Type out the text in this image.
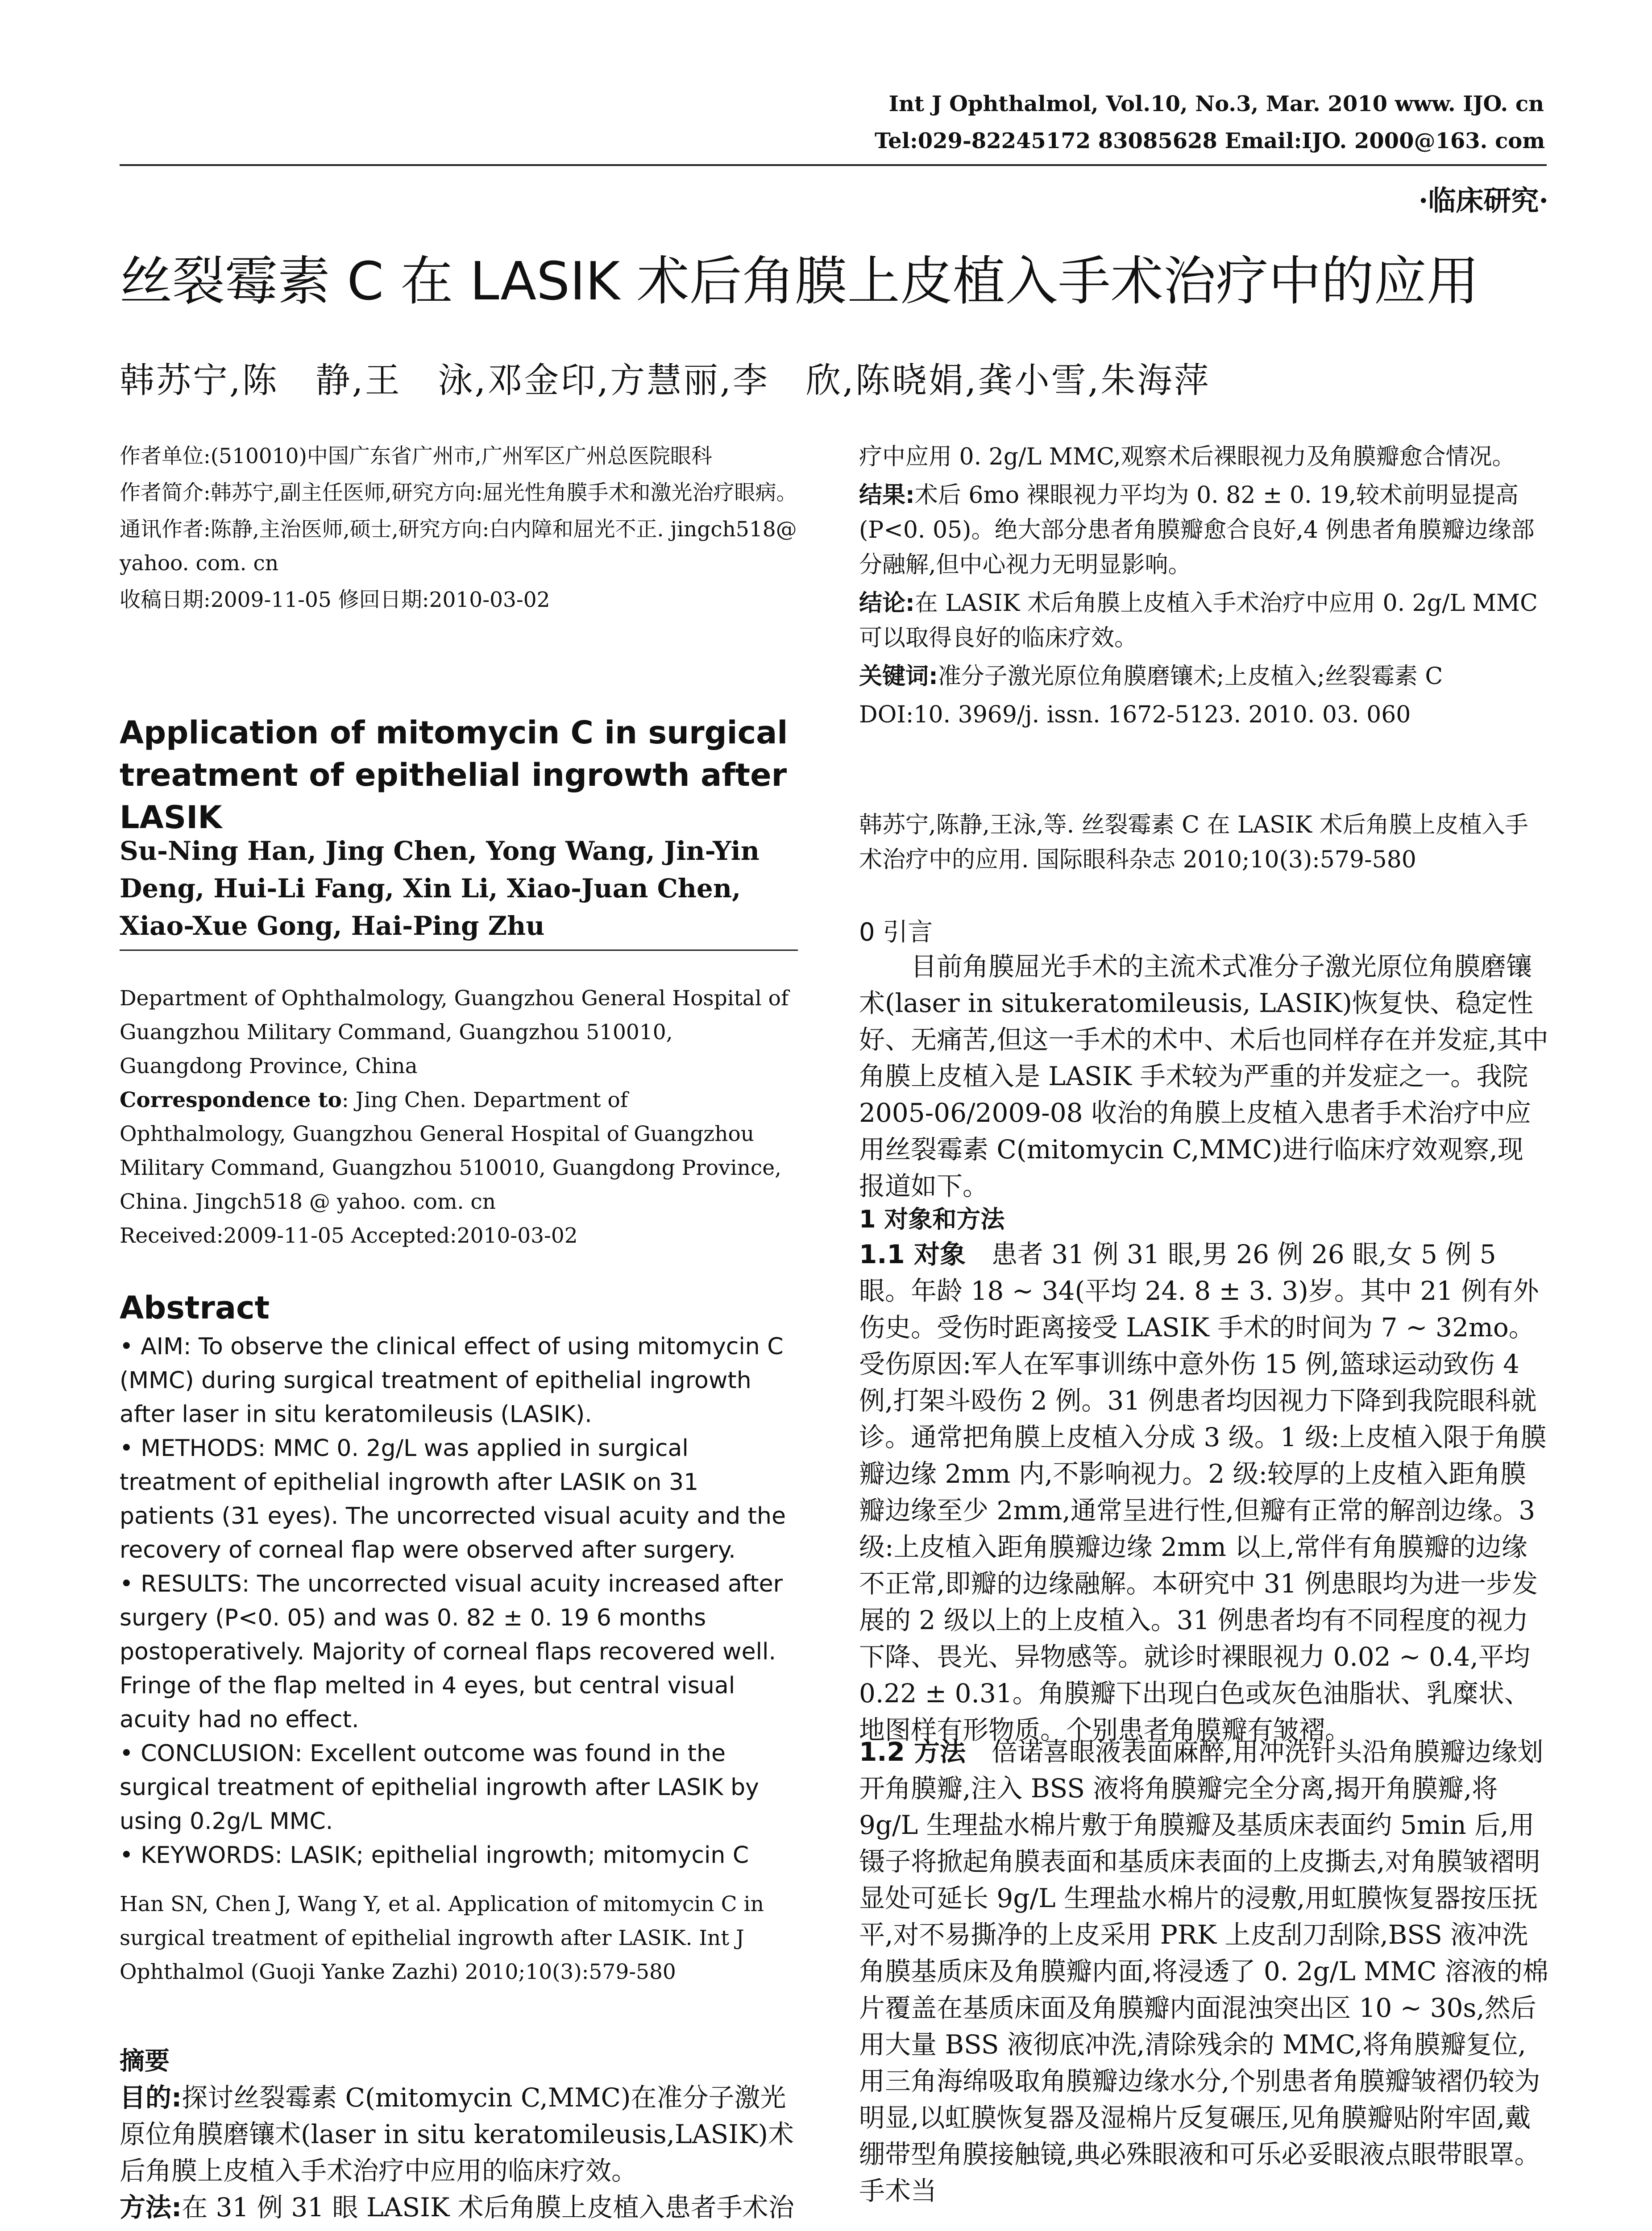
Int J Ophthalmol, Vol.10, No.3, Mar. 2010 www. IJO. cn
Tel:029-82245172 83085628 Email:IJO. 2000@163. com
·临床研究·
丝裂霉素 C 在 LASIK 术后角膜上皮植入手术治疗中的应用
韩苏宁,陈　静,王　泳,邓金印,方慧丽,李　欣,陈晓娟,龚小雪,朱海萍

作者单位:(510010)中国广东省广州市,广州军区广州总医院眼科

作者简介:韩苏宁,副主任医师,研究方向:屈光性角膜手术和激光治疗眼病。

通讯作者:陈静,主治医师,硕士,研究方向:白内障和屈光不正. jingch518@ yahoo. com. cn

收稿日期:2009-11-05 修回日期:2010-03-02

Application of mitomycin C in surgical treatment of epithelial ingrowth after LASIK
Su-Ning Han, Jing Chen, Yong Wang, Jin-Yin Deng, Hui-Li Fang, Xin Li, Xiao-Juan Chen, Xiao-Xue Gong, Hai-Ping Zhu

Department of Ophthalmology, Guangzhou General Hospital of Guangzhou Military Command, Guangzhou 510010, Guangdong Province, China

Correspondence to: Jing Chen. Department of Ophthalmology, Guangzhou General Hospital of Guangzhou Military Command, Guangzhou 510010, Guangdong Province, China. Jingch518 @ yahoo. com. cn

Received:2009-11-05 Accepted:2010-03-02

Abstract

• AIM: To observe the clinical effect of using mitomycin C (MMC) during surgical treatment of epithelial ingrowth after laser in situ keratomileusis (LASIK).

• METHODS: MMC 0. 2g/L was applied in surgical treatment of epithelial ingrowth after LASIK on 31 patients (31 eyes). The uncorrected visual acuity and the recovery of corneal flap were observed after surgery.

• RESULTS: The uncorrected visual acuity increased after surgery (P<0. 05) and was 0. 82 ± 0. 19 6 months postoperatively. Majority of corneal flaps recovered well. Fringe of the flap melted in 4 eyes, but central visual acuity had no effect.

• CONCLUSION: Excellent outcome was found in the surgical treatment of epithelial ingrowth after LASIK by using 0.2g/L MMC.

• KEYWORDS: LASIK; epithelial ingrowth; mitomycin C

Han SN, Chen J, Wang Y, et al. Application of mitomycin C in surgical treatment of epithelial ingrowth after LASIK. Int J Ophthalmol (Guoji Yanke Zazhi) 2010;10(3):579-580

摘要

目的:探讨丝裂霉素 C(mitomycin C,MMC)在准分子激光原位角膜磨镶术(laser in situ keratomileusis,LASIK)术后角膜上皮植入手术治疗中应用的临床疗效。

方法:在 31 例 31 眼 LASIK 术后角膜上皮植入患者手术治

疗中应用 0. 2g/L MMC,观察术后裸眼视力及角膜瓣愈合情况。

结果:术后 6mo 裸眼视力平均为 0. 82 ± 0. 19,较术前明显提高(P<0. 05)。绝大部分患者角膜瓣愈合良好,4 例患者角膜瓣边缘部分融解,但中心视力无明显影响。

结论:在 LASIK 术后角膜上皮植入手术治疗中应用 0. 2g/L MMC 可以取得良好的临床疗效。

关键词:准分子激光原位角膜磨镶术;上皮植入;丝裂霉素 C

DOI:10. 3969/j. issn. 1672-5123. 2010. 03. 060

韩苏宁,陈静,王泳,等. 丝裂霉素 C 在 LASIK 术后角膜上皮植入手术治疗中的应用. 国际眼科杂志 2010;10(3):579-580

0 引言

目前角膜屈光手术的主流术式准分子激光原位角膜磨镶术(laser in situkeratomileusis, LASIK)恢复快、稳定性好、无痛苦,但这一手术的术中、术后也同样存在并发症,其中角膜上皮植入是 LASIK 手术较为严重的并发症之一。我院 2005-06/2009-08 收治的角膜上皮植入患者手术治疗中应用丝裂霉素 C(mitomycin C,MMC)进行临床疗效观察,现报道如下。

1 对象和方法

1.1 对象　患者 31 例 31 眼,男 26 例 26 眼,女 5 例 5 眼。年龄 18 ~ 34(平均 24. 8 ± 3. 3)岁。其中 21 例有外伤史。受伤时距离接受 LASIK 手术的时间为 7 ~ 32mo。受伤原因:军人在军事训练中意外伤 15 例,篮球运动致伤 4 例,打架斗殴伤 2 例。31 例患者均因视力下降到我院眼科就诊。通常把角膜上皮植入分成 3 级。1 级:上皮植入限于角膜瓣边缘 2mm 内,不影响视力。2 级:较厚的上皮植入距角膜瓣边缘至少 2mm,通常呈进行性,但瓣有正常的解剖边缘。3 级:上皮植入距角膜瓣边缘 2mm 以上,常伴有角膜瓣的边缘不正常,即瓣的边缘融解。本研究中 31 例患眼均为进一步发展的 2 级以上的上皮植入。31 例患者均有不同程度的视力下降、畏光、异物感等。就诊时裸眼视力 0.02 ~ 0.4,平均 0.22 ± 0.31。角膜瓣下出现白色或灰色油脂状、乳糜状、地图样有形物质。个别患者角膜瓣有皱褶。

1.2 方法　倍诺喜眼液表面麻醉,用冲洗针头沿角膜瓣边缘划开角膜瓣,注入 BSS 液将角膜瓣完全分离,揭开角膜瓣,将 9g/L 生理盐水棉片敷于角膜瓣及基质床表面约 5min 后,用镊子将掀起角膜表面和基质床表面的上皮撕去,对角膜皱褶明显处可延长 9g/L 生理盐水棉片的浸敷,用虹膜恢复器按压抚平,对不易撕净的上皮采用 PRK 上皮刮刀刮除,BSS 液冲洗角膜基质床及角膜瓣内面,将浸透了 0. 2g/L MMC 溶液的棉片覆盖在基质床面及角膜瓣内面混浊突出区 10 ~ 30s,然后用大量 BSS 液彻底冲洗,清除残余的 MMC,将角膜瓣复位,用三角海绵吸取角膜瓣边缘水分,个别患者角膜瓣皱褶仍较为明显,以虹膜恢复器及湿棉片反复碾压,见角膜瓣贴附牢固,戴绷带型角膜接触镜,典必殊眼液和可乐必妥眼液点眼带眼罩。手术当
